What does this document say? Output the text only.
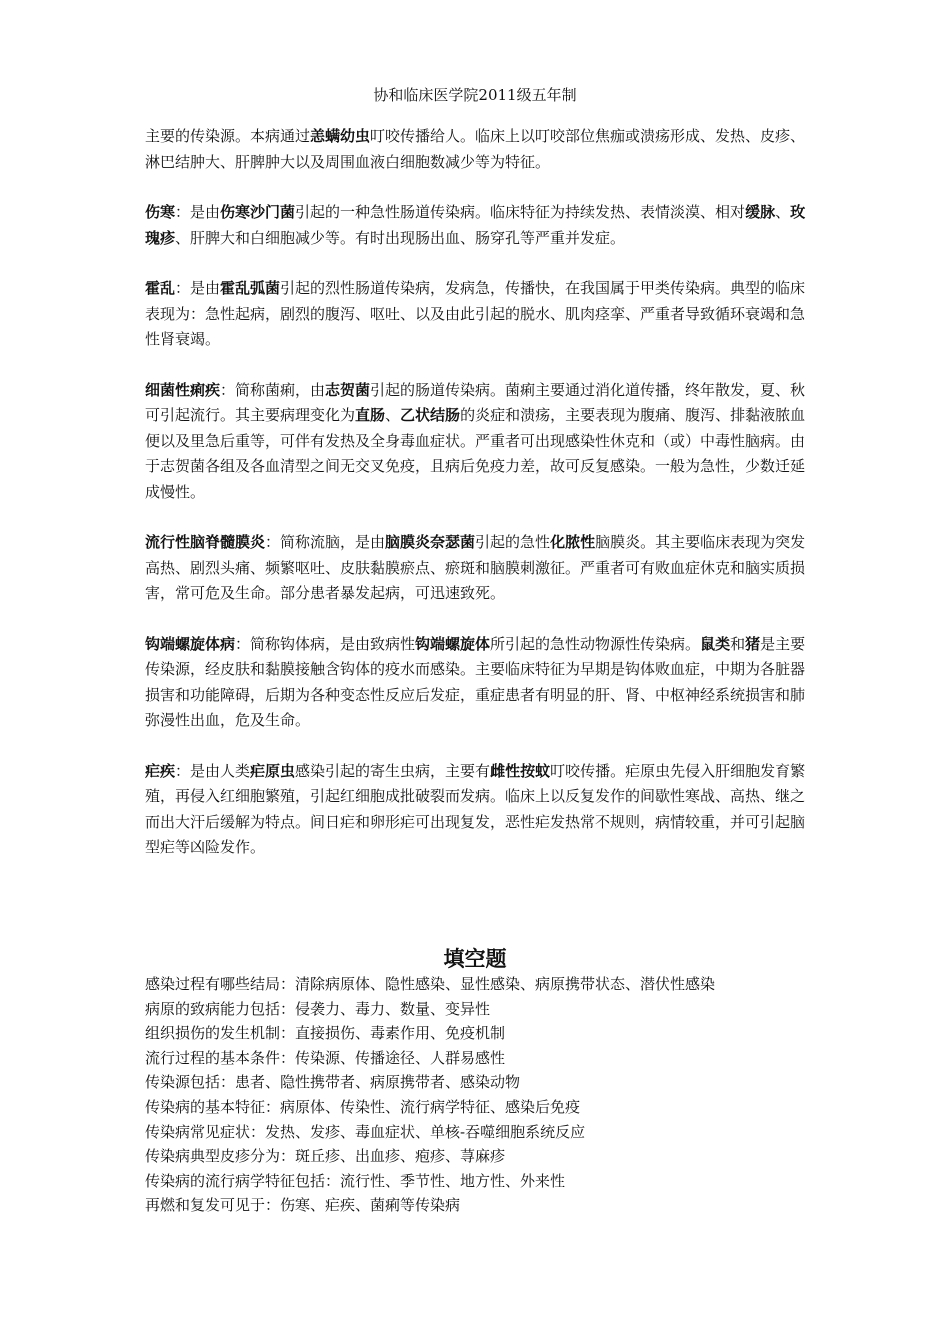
协和临床医学院2011级五年制

主要的传染源。本病通过恙螨幼虫叮咬传播给人。临床上以叮咬部位焦痂或溃疡形成、发热、皮疹、淋巴结肿大、肝脾肿大以及周围血液白细胞数减少等为特征。

伤寒：是由伤寒沙门菌引起的一种急性肠道传染病。临床特征为持续发热、表情淡漠、相对缓脉、玫瑰疹、肝脾大和白细胞减少等。有时出现肠出血、肠穿孔等严重并发症。

霍乱：是由霍乱弧菌引起的烈性肠道传染病，发病急，传播快，在我国属于甲类传染病。典型的临床表现为：急性起病，剧烈的腹泻、呕吐、以及由此引起的脱水、肌肉痉挛、严重者导致循环衰竭和急性肾衰竭。

细菌性痢疾：简称菌痢，由志贺菌引起的肠道传染病。菌痢主要通过消化道传播，终年散发，夏、秋可引起流行。其主要病理变化为直肠、乙状结肠的炎症和溃疡，主要表现为腹痛、腹泻、排黏液脓血便以及里急后重等，可伴有发热及全身毒血症状。严重者可出现感染性休克和（或）中毒性脑病。由于志贺菌各组及各血清型之间无交叉免疫，且病后免疫力差，故可反复感染。一般为急性，少数迁延成慢性。

流行性脑脊髓膜炎：简称流脑，是由脑膜炎奈瑟菌引起的急性化脓性脑膜炎。其主要临床表现为突发高热、剧烈头痛、频繁呕吐、皮肤黏膜瘀点、瘀斑和脑膜刺激征。严重者可有败血症休克和脑实质损害，常可危及生命。部分患者暴发起病，可迅速致死。

钩端螺旋体病：简称钩体病，是由致病性钩端螺旋体所引起的急性动物源性传染病。鼠类和猪是主要传染源，经皮肤和黏膜接触含钩体的疫水而感染。主要临床特征为早期是钩体败血症，中期为各脏器损害和功能障碍，后期为各种变态性反应后发症，重症患者有明显的肝、肾、中枢神经系统损害和肺弥漫性出血，危及生命。

疟疾：是由人类疟原虫感染引起的寄生虫病，主要有雌性按蚊叮咬传播。疟原虫先侵入肝细胞发育繁殖，再侵入红细胞繁殖，引起红细胞成批破裂而发病。临床上以反复发作的间歇性寒战、高热、继之而出大汗后缓解为特点。间日疟和卵形疟可出现复发，恶性疟发热常不规则，病情较重，并可引起脑型疟等凶险发作。

填空题
感染过程有哪些结局：清除病原体、隐性感染、显性感染、病原携带状态、潜伏性感染
病原的致病能力包括：侵袭力、毒力、数量、变异性
组织损伤的发生机制：直接损伤、毒素作用、免疫机制
流行过程的基本条件：传染源、传播途径、人群易感性
传染源包括：患者、隐性携带者、病原携带者、感染动物
传染病的基本特征：病原体、传染性、流行病学特征、感染后免疫
传染病常见症状：发热、发疹、毒血症状、单核-吞噬细胞系统反应
传染病典型皮疹分为：斑丘疹、出血疹、疱疹、荨麻疹
传染病的流行病学特征包括：流行性、季节性、地方性、外来性
再燃和复发可见于：伤寒、疟疾、菌痢等传染病
